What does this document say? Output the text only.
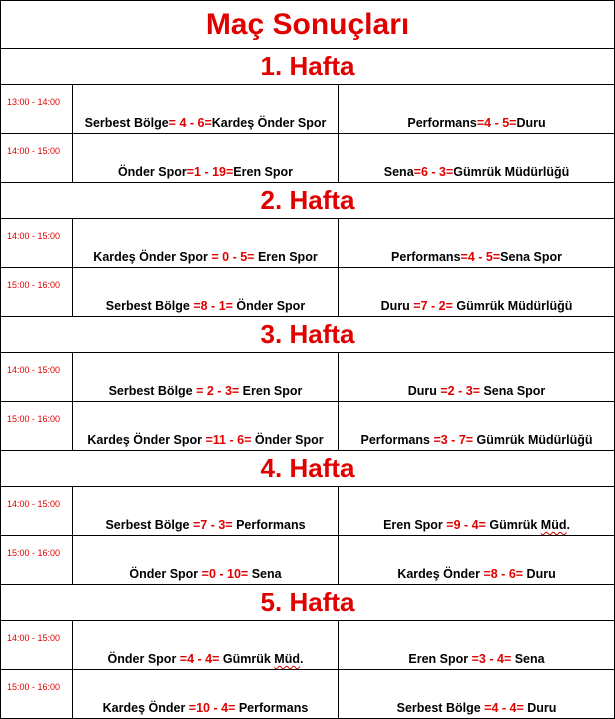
Maç Sonuçları		
1. Hafta		
13:00 - 14:00	Serbest Bölge= 4 - 6=Kardeş Önder Spor	Performans=4 - 5=Duru
14:00 - 15:00	Önder Spor=1 - 19=Eren Spor	Sena=6 - 3=Gümrük Müdürlüğü
2. Hafta		
14:00 - 15:00	Kardeş Önder Spor = 0 - 5= Eren Spor	Performans=4 - 5=Sena Spor
15:00 - 16:00	Serbest Bölge =8 - 1= Önder Spor	Duru =7 - 2= Gümrük Müdürlüğü
3. Hafta		
14:00 - 15:00	Serbest Bölge = 2 - 3= Eren Spor	Duru =2 - 3= Sena Spor
15:00 - 16:00	Kardeş Önder Spor =11 - 6= Önder Spor	Performans =3 - 7= Gümrük Müdürlüğü
4. Hafta		
14:00 - 15:00	Serbest Bölge =7 - 3= Performans	Eren Spor =9 - 4= Gümrük Müd.
15:00 - 16:00	Önder Spor =0 - 10= Sena	Kardeş Önder =8 - 6= Duru
5. Hafta		
14:00 - 15:00	Önder Spor =4 - 4= Gümrük Müd.	Eren Spor =3 - 4= Sena
15:00 - 16:00	Kardeş Önder =10 - 4= Performans	Serbest Bölge =4 - 4= Duru
